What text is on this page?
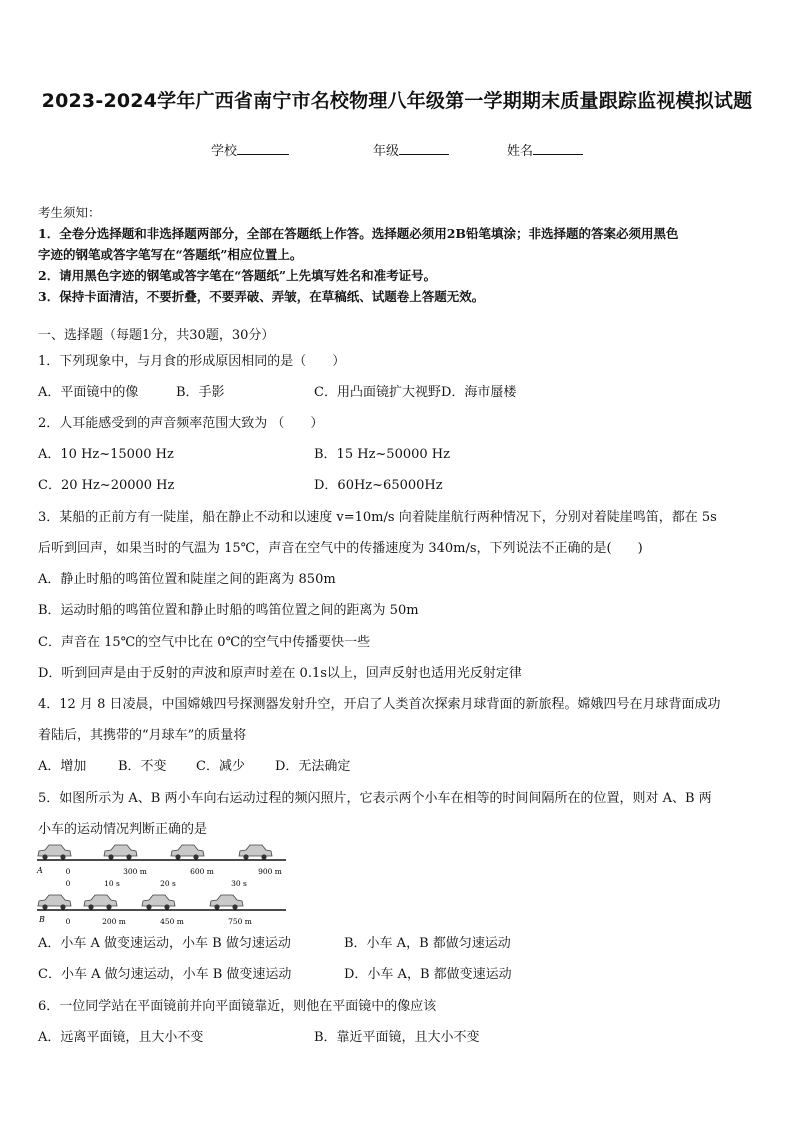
2023-2024学年广西省南宁市名校物理八年级第一学期期末质量跟踪监视模拟试题
学校	年级	姓名
考生须知：
1．全卷分选择题和非选择题两部分，全部在答题纸上作答。选择题必须用2B铅笔填涂；非选择题的答案必须用黑色
字迹的钢笔或答字笔写在“答题纸”相应位置上。
2．请用黑色字迹的钢笔或答字笔在“答题纸”上先填写姓名和准考证号。
3．保持卡面清洁，不要折叠，不要弄破、弄皱，在草稿纸、试题卷上答题无效。
一、选择题（每题1分，共30题，30分）
1．下列现象中，与月食的形成原因相同的是（　　）
A．平面镜中的像	B．手影	C．用凸面镜扩大视野 D．海市蜃楼
2．人耳能感受到的声音频率范围大致为 （　　）
A．10 Hz~15000 Hz	B．15 Hz~50000 Hz
C．20 Hz~20000 Hz	D．60Hz~65000Hz
3．某船的正前方有一陡崖，船在静止不动和以速度 v=10m/s 向着陡崖航行两种情况下，分别对着陡崖鸣笛，都在 5s
后听到回声，如果当时的气温为 15℃，声音在空气中的传播速度为 340m/s，下列说法不正确的是(　　)
A．静止时船的鸣笛位置和陡崖之间的距离为 850m
B．运动时船的鸣笛位置和静止时船的鸣笛位置之间的距离为 50m
C．声音在 15℃的空气中比在 0℃的空气中传播要快一些
D．听到回声是由于反射的声波和原声时差在 0.1s以上，回声反射也适用光反射定律
4．12 月 8 日凌晨，中国嫦娥四号探测器发射升空，开启了人类首次探索月球背面的新旅程。嫦娥四号在月球背面成功
着陆后，其携带的“月球车”的质量将
A．增加 B．不变 C．减少 D．无法确定
5．如图所示为 A、B 两小车向右运动过程的频闪照片，它表示两个小车在相等的时间间隔所在的位置，则对 A、B 两
小车的运动情况判断正确的是
A	0	300 m	600 m	900 m
0	10 s	20 s	30 s
B	0	200 m	450 m	750 m
A．小车 A 做变速运动，小车 B 做匀速运动	B．小车 A，B 都做匀速运动
C．小车 A 做匀速运动，小车 B 做变速运动	D．小车 A，B 都做变速运动
6．一位同学站在平面镜前并向平面镜靠近，则他在平面镜中的像应该
A．远离平面镜，且大小不变	B．靠近平面镜，且大小不变
